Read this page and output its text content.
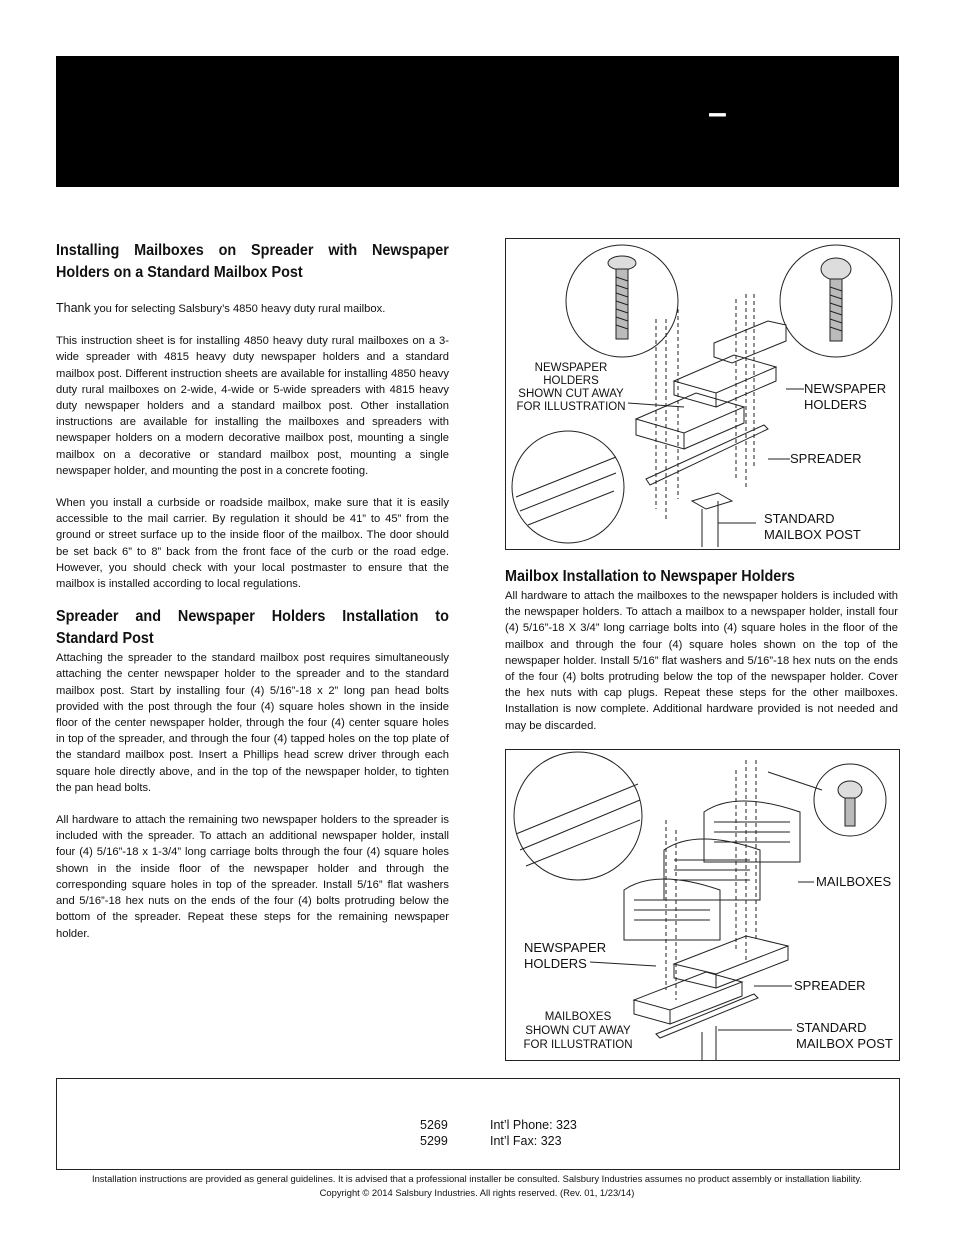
–
Installing Mailboxes on Spreader with Newspaper Holders on a Standard Mailbox Post

Thank you for selecting Salsbury’s 4850 heavy duty rural mailbox.

This instruction sheet is for installing 4850 heavy duty rural mailboxes on a 3-wide spreader with 4815 heavy duty newspaper holders and a standard mailbox post. Different instruction sheets are available for installing 4850 heavy duty rural mailboxes on 2-wide, 4-wide or 5-wide spreaders with 4815 heavy duty newspaper holders and a standard mailbox post. Other installation instructions are available for installing the mailboxes and spreaders with newspaper holders on a modern decorative mailbox post, mounting a single mailbox on a decorative or standard mailbox post, mounting a single newspaper holder, and mounting the post in a concrete footing.

When you install a curbside or roadside mailbox, make sure that it is easily accessible to the mail carrier. By regulation it should be 41” to 45” from the ground or street surface up to the inside floor of the mailbox. The door should be set back 6” to 8” back from the front face of the curb or the road edge. However, you should check with your local postmaster to ensure that the mailbox is installed according to local regulations.

Spreader and Newspaper Holders Installation to Standard Post

Attaching the spreader to the standard mailbox post requires simultaneously attaching the center newspaper holder to the spreader and to the standard mailbox post. Start by installing four (4) 5/16”-18 x 2” long pan head bolts provided with the post through the four (4) square holes shown in the inside floor of the center newspaper holder, through the four (4) center square holes in top of the spreader, and through the four (4) tapped holes on the top plate of the standard mailbox post. Insert a Phillips head screw driver through each square hole directly above, and in the top of the newspaper holder, to tighten the pan head bolts.

All hardware to attach the remaining two newspaper holders to the spreader is included with the spreader. To attach an additional newspaper holder, install four (4) 5/16”-18 x 1-3/4” long carriage bolts through the four (4) square holes shown in the inside floor of the newspaper holder and through the corresponding square holes in top of the spreader. Install 5/16” flat washers and 5/16”-18 hex nuts on the ends of the four (4) bolts protruding below the bottom of the spreader. Repeat these steps for the remaining newspaper holder.

NEWSPAPER
HOLDERS
SHOWN CUT AWAY
FOR ILLUSTRATION
NEWSPAPER
HOLDERS
SPREADER
STANDARD
MAILBOX POST
Mailbox Installation to Newspaper Holders

All hardware to attach the mailboxes to the newspaper holders is included with the newspaper holders. To attach a mailbox to a newspaper holder, install four (4) 5/16”-18 X 3/4” long carriage bolts into (4) square holes in the floor of the mailbox and through the four (4) square holes shown on the top of the newspaper holder. Install 5/16” flat washers and 5/16”-18 hex nuts on the ends of the four (4) bolts protruding below the top of the newspaper holder. Cover the hex nuts with cap plugs. Repeat these steps for the other mailboxes. Installation is now complete. Additional hardware provided is not needed and may be discarded.

MAILBOXES
NEWSPAPER
HOLDERS
SPREADER
MAILBOXES
SHOWN CUT AWAY
FOR ILLUSTRATION
STANDARD
MAILBOX POST
5269	Int’l Phone: 323
5299	Int’l Fax: 323
Installation instructions are provided as general guidelines. It is advised that a professional installer be consulted. Salsbury Industries assumes no product assembly or installation liability.
Copyright © 2014 Salsbury Industries. All rights reserved. (Rev. 01, 1/23/14)
